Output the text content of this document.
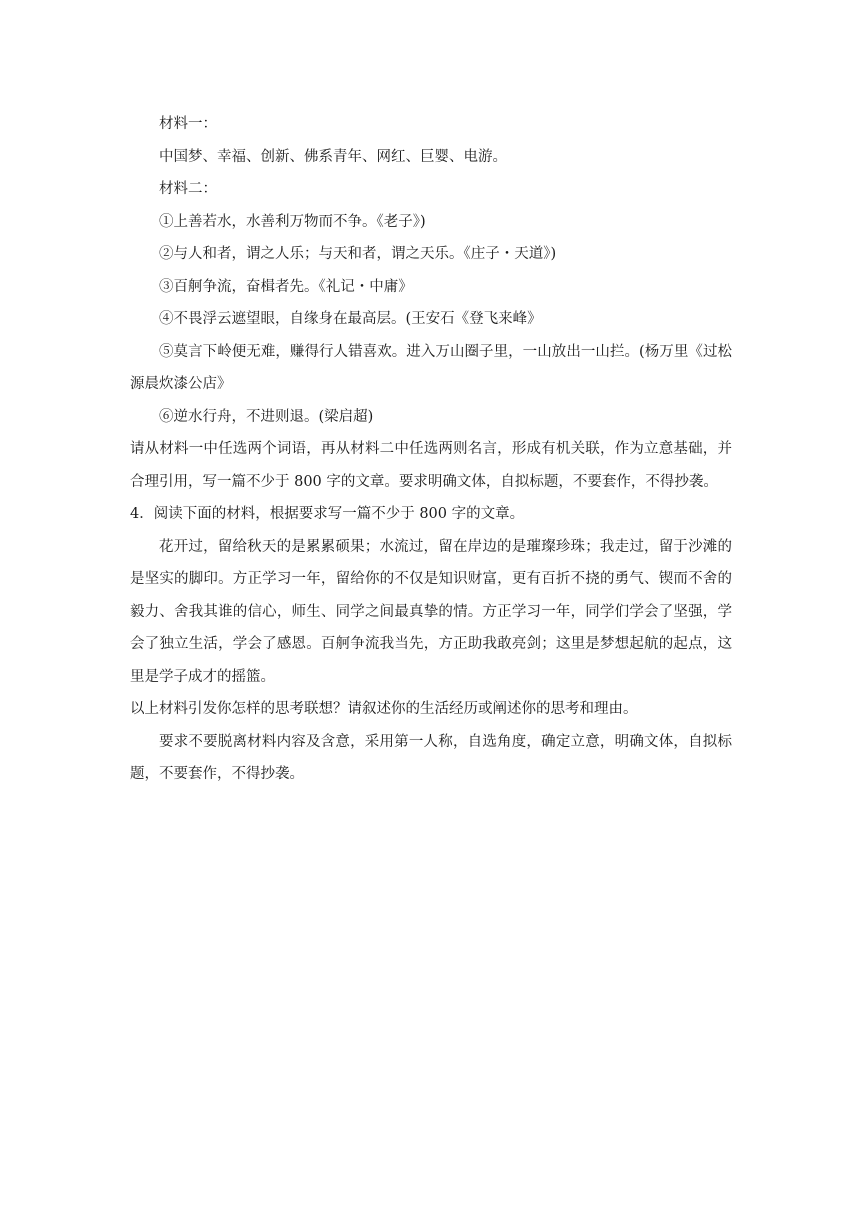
材料一：

中国梦、幸福、创新、佛系青年、网红、巨婴、电游。

材料二：

①上善若水，水善利万物而不争。《老子》)

②与人和者，谓之人乐；与天和者，谓之天乐。《庄子・天道》)

③百舸争流，奋楫者先。《礼记・中庸》

④不畏浮云遮望眼，自缘身在最高层。(王安石《登飞来峰》

⑤莫言下岭便无难，赚得行人错喜欢。进入万山圈子里，一山放出一山拦。(杨万里《过松源晨炊漆公店》

⑥逆水行舟，不进则退。(梁启超)

请从材料一中任选两个词语，再从材料二中任选两则名言，形成有机关联，作为立意基础，并合理引用，写一篇不少于 800 字的文章。要求明确文体，自拟标题，不要套作，不得抄袭。

4．阅读下面的材料，根据要求写一篇不少于 800 字的文章。

花开过，留给秋天的是累累硕果；水流过，留在岸边的是璀璨珍珠；我走过，留于沙滩的是坚实的脚印。方正学习一年，留给你的不仅是知识财富，更有百折不挠的勇气、锲而不舍的毅力、舍我其谁的信心，师生、同学之间最真挚的情。方正学习一年，同学们学会了坚强，学会了独立生活，学会了感恩。百舸争流我当先，方正助我敢亮剑；这里是梦想起航的起点，这里是学子成才的摇篮。

以上材料引发你怎样的思考联想？请叙述你的生活经历或阐述你的思考和理由。

要求不要脱离材料内容及含意，采用第一人称，自选角度，确定立意，明确文体，自拟标题，不要套作，不得抄袭。
